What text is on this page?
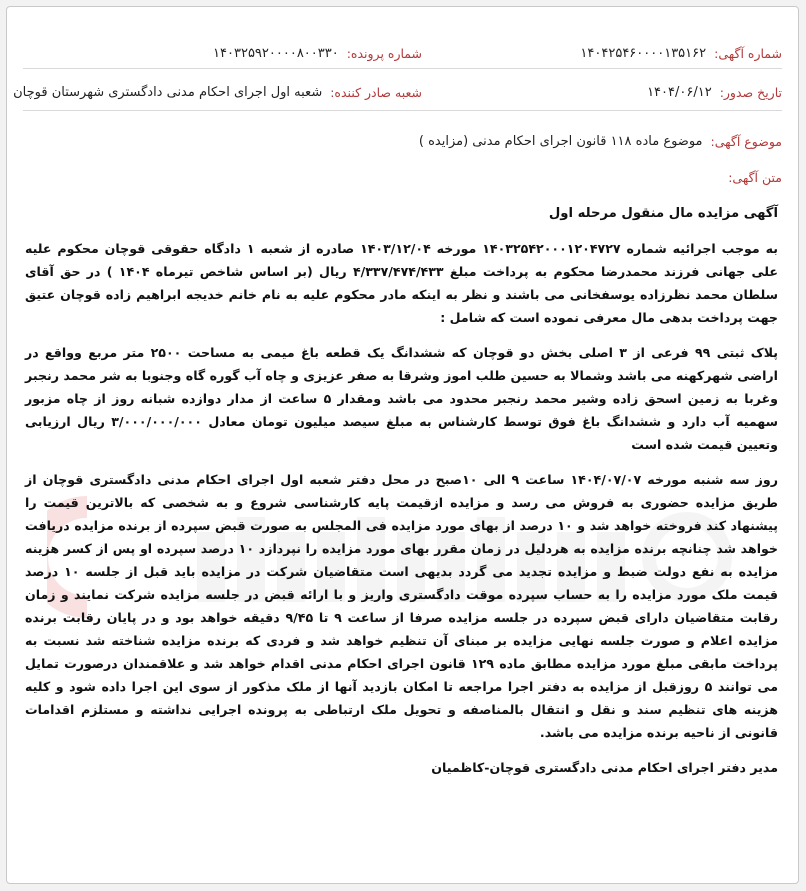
شماره آگهی:
۱۴۰۴۲۵۴۶۰۰۰۰۱۳۵۱۶۲
شماره پرونده:
۱۴۰۳۲۵۹۲۰۰۰۰۸۰۰۳۳۰
تاریخ صدور:
۱۴۰۴/۰۶/۱۲
شعبه صادر کننده:
شعبه اول اجرای احکام مدنی دادگستری شهرستان قوچان
موضوع آگهی:
موضوع ماده ۱۱۸ قانون اجرای احکام مدنی (مزایده )
متن آگهی:

آگهی مزایده مال منقول مرحله اول

به موجب اجرائیه شماره ۱۴۰۳۲۵۴۲۰۰۰۱۲۰۴۷۲۷ مورخه ۱۴۰۳/۱۲/۰۴ صادره از شعبه ۱ دادگاه حقوقی قوچان محکوم علیه علی جهانی فرزند محمدرضا محکوم به پرداخت مبلغ ۴/۳۳۷/۴۷۴/۴۳۳ ریال (بر اساس شاخص تیرماه ۱۴۰۴ ) در حق آقای سلطان محمد نظرزاده یوسفخانی می باشند و نظر به اینکه مادر محکوم علیه به نام خانم خدیجه ابراهیم زاده قوچان عتیق جهت پرداخت بدهی مال معرفی نموده است که شامل :

پلاک ثبتی ۹۹ فرعی از ۳ اصلی بخش دو قوچان که ششدانگ یک قطعه باغ میمی به مساحت ۲۵۰۰ متر مربع وواقع در اراضی شهرکهنه می باشد وشمالا به حسین طلب اموز وشرقا به صفر عزیزی و چاه آب گوره گاه وجنوبا به شر محمد رنجبر وغربا به زمین اسحق زاده وشیر محمد رنجبر محدود می باشد ومقدار ۵ ساعت از مدار دوازده شبانه روز از چاه مزبور سهمیه آب دارد و ششدانگ باغ فوق توسط کارشناس به مبلغ سیصد میلیون تومان معادل ۳/۰۰۰/۰۰۰/۰۰۰ ریال ارزیابی وتعیین قیمت شده است

روز سه شنبه مورخه ۱۴۰۴/۰۷/۰۷ ساعت ۹ الی ۱۰صبح در محل دفتر شعبه اول اجرای احکام مدنی دادگستری قوچان از طریق مزایده حضوری به فروش می رسد و مزایده ازقیمت پایه کارشناسی شروع و به شخصی که بالاترین قیمت را پیشنهاد کند فروخته خواهد شد و ۱۰ درصد از بهای مورد مزایده فی المجلس به صورت قبض سپرده از برنده مزایده دریافت خواهد شد چنانچه برنده مزایده به هردلیل در زمان مقرر بهای مورد مزایده را نپردازد ۱۰ درصد سپرده او پس از کسر هزینه مزایده به نفع دولت ضبط و مزایده تجدید می گردد بدیهی است متقاضیان شرکت در مزایده باید قبل از جلسه ۱۰ درصد قیمت ملک مورد مزایده را به حساب سپرده موقت دادگستری واریز و با ارائه قبض در جلسه مزایده شرکت نمایند و زمان رقابت متقاضیان دارای قبض سپرده در جلسه مزایده صرفا از ساعت ۹ تا ۹/۴۵ دقیقه خواهد بود و در پایان رقابت برنده مزایده اعلام و صورت جلسه نهایی مزایده بر مبنای آن تنظیم خواهد شد و فردی که برنده مزایده شناخته شد نسبت به پرداخت مابقی مبلغ مورد مزایده مطابق ماده ۱۲۹ قانون اجرای احکام مدنی اقدام خواهد شد و علاقمندان درصورت تمایل می توانند ۵ روزقبل از مزایده به دفتر اجرا مراجعه تا امکان بازدید آنها از ملک مذکور از سوی این اجرا داده شود و کلیه هزینه های تنظیم سند و نقل و انتقال بالمناصفه و تحویل ملک ارتباطی به پرونده اجرایی نداشته و مستلزم اقدامات قانونی از ناحیه برنده مزایده می باشد.

مدیر دفتر اجرای احکام مدنی دادگستری قوچان-کاظمیان
